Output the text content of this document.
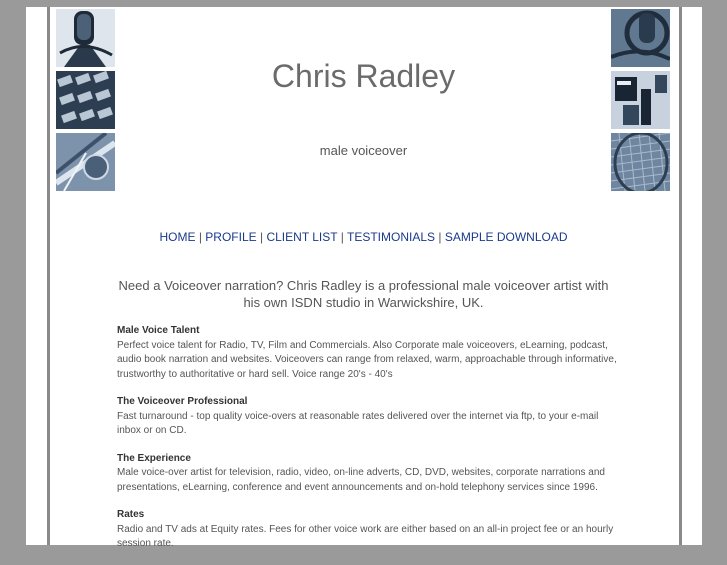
Chris Radley
male voiceover
HOME | PROFILE | CLIENT LIST | TESTIMONIALS | SAMPLE DOWNLOAD
Need a Voiceover narration? Chris Radley is a professional male voiceover artist with his own ISDN studio in Warwickshire, UK.
Male Voice Talent

Perfect voice talent for Radio, TV, Film and Commercials. Also Corporate male voiceovers, eLearning, podcast, audio book narration and websites. Voiceovers can range from relaxed, warm, approachable through informative, trustworthy to authoritative or hard sell. Voice range 20's - 40's

The Voiceover Professional

Fast turnaround - top quality voice-overs at reasonable rates delivered over the internet via ftp, to your e-mail inbox or on CD.

The Experience

Male voice-over artist for television, radio, video, on-line adverts, CD, DVD, websites, corporate narrations and presentations, eLearning, conference and event announcements and on-hold telephony services since 1996.

Rates

Radio and TV ads at Equity rates. Fees for other voice work are either based on an all-in project fee or an hourly session rate.
